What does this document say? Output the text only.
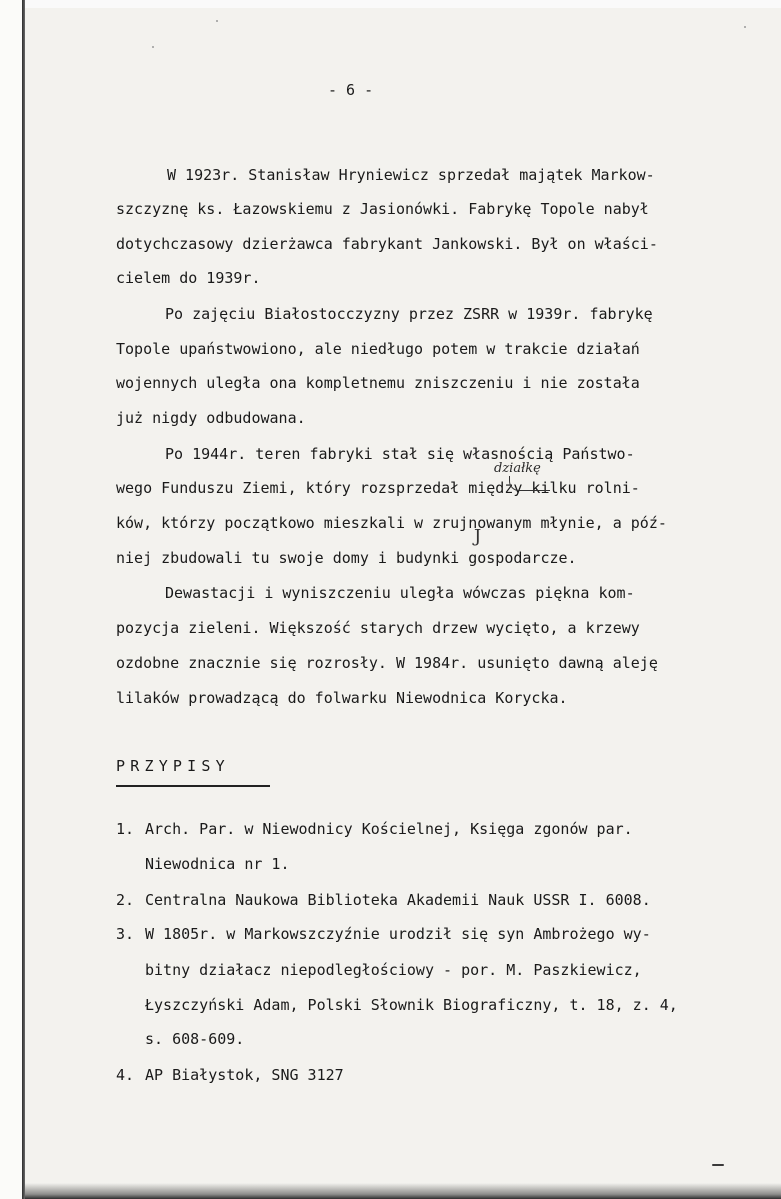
- 6 -
W 1923r. Stanisław Hryniewicz sprzedał majątek Markow-
szczyznę ks. Łazowskiemu z Jasionówki. Fabrykę Topole nabył
dotychczasowy dzierżawca fabrykant Jankowski. Był on właści-
cielem do 1939r.
Po zajęciu Białostocczyzny przez ZSRR w 1939r. fabrykę
Topole upaństwowiono, ale niedługo potem w trakcie działań
wojennych uległa ona kompletnemu zniszczeniu i nie została
już nigdy odbudowana.
Po 1944r. teren fabryki stał się własnością Państwo-
wego Funduszu Ziemi, który rozsprzedał między kilku rolni-
ków, którzy początkowo mieszkali w zrujnowanym młynie, a póź-
niej zbudowali tu swoje domy i budynki gospodarcze.
Dewastacji i wyniszczeniu uległa wówczas piękna kom-
pozycja zieleni. Większość starych drzew wycięto, a krzewy
ozdobne znacznie się rozrosły. W 1984r. usunięto dawną aleję
lilaków prowadzącą do folwarku Niewodnica Korycka.
działkę
J
PRZYPISY
1. Arch. Par. w Niewodnicy Kościelnej, Księga zgonów par.
Niewodnica nr 1.
2. Centralna Naukowa Biblioteka Akademii Nauk USSR I. 6008.
3. W 1805r. w Markowszczyźnie urodził się syn Ambrożego wy-
bitny działacz niepodległościowy - por. M. Paszkiewicz,
Łyszczyński Adam, Polski Słownik Biograficzny, t. 18, z. 4,
s. 608-609.
4. AP Białystok, SNG 3127
